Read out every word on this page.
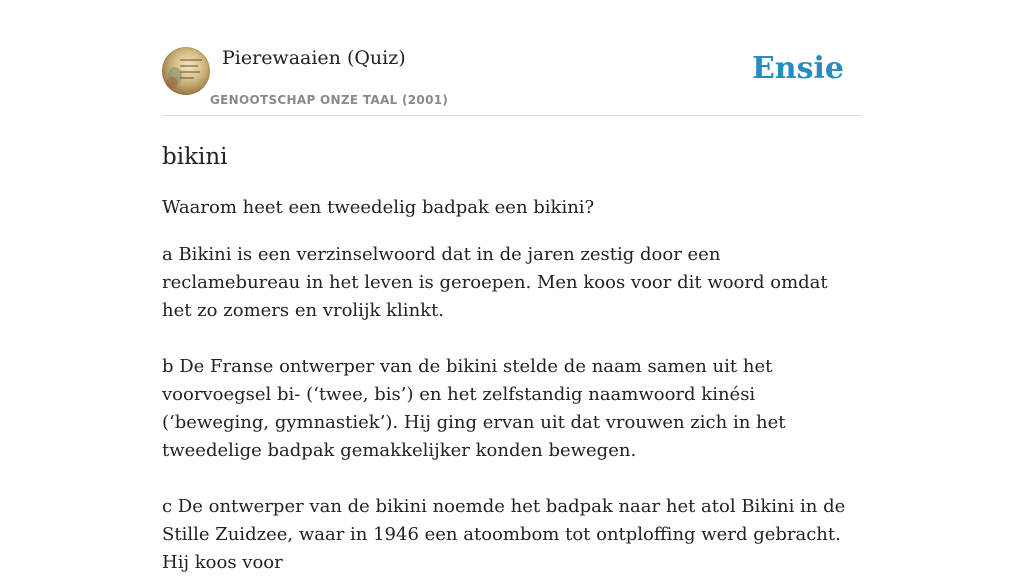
Pierewaaien (Quiz)
GENOOTSCHAP ONZE TAAL (2001)
Ensie
bikini

Waarom heet een tweedelig badpak een bikini?

a Bikini is een verzinselwoord dat in de jaren zestig door een reclamebureau in het leven is geroepen. Men koos voor dit woord omdat het zo zomers en vrolijk klinkt.

b De Franse ontwerper van de bikini stelde de naam samen uit het voorvoegsel bi- (‘twee, bis’) en het zelfstandig naamwoord kinési (‘beweging, gymnastiek’). Hij ging ervan uit dat vrouwen zich in het tweedelige badpak gemakkelijker konden bewegen.

c De ontwerper van de bikini noemde het badpak naar het atol Bikini in de Stille Zuidzee, waar in 1946 een atoombom tot ontploffing werd gebracht. Hij koos voor
